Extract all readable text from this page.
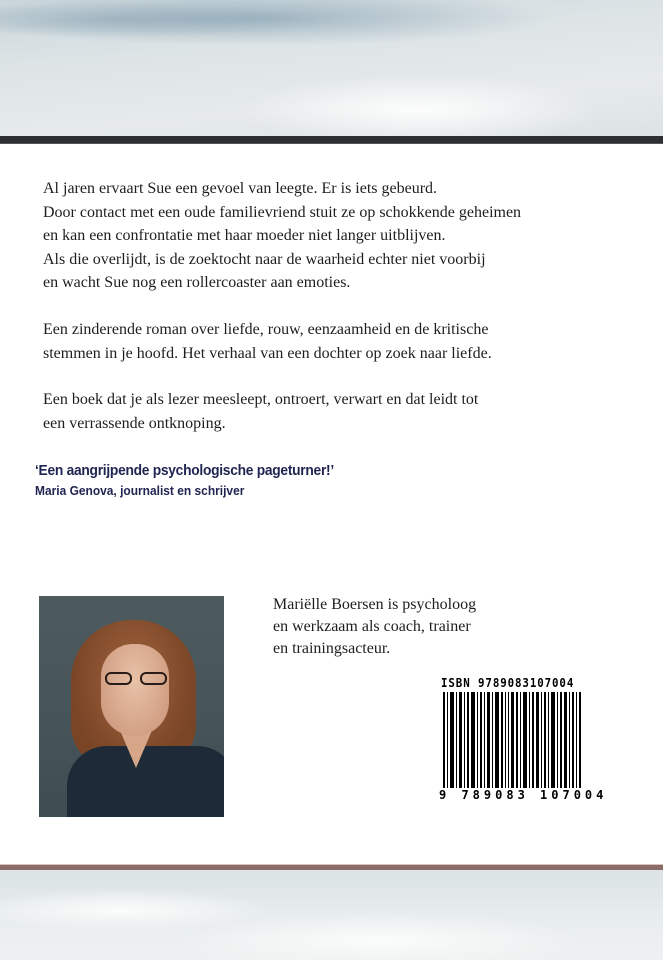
Al jaren ervaart Sue een gevoel van leegte. Er is iets gebeurd.
Door contact met een oude familievriend stuit ze op schokkende geheimen
en kan een confrontatie met haar moeder niet langer uitblijven.
Als die overlijdt, is de zoektocht naar de waarheid echter niet voorbij
en wacht Sue nog een rollercoaster aan emoties.

Een zinderende roman over liefde, rouw, eenzaamheid en de kritische
stemmen in je hoofd. Het verhaal van een dochter op zoek naar liefde.

Een boek dat je als lezer meesleept, ontroert, verwart en dat leidt tot
een verrassende ontknoping.

‘Een aangrijpende psychologische pageturner!’
Maria Genova, journalist en schrijver
Mariëlle Boersen is psycholoog
en werkzaam als coach, trainer
en trainingsacteur.
ISBN 9789083107004
9 789083 107004
